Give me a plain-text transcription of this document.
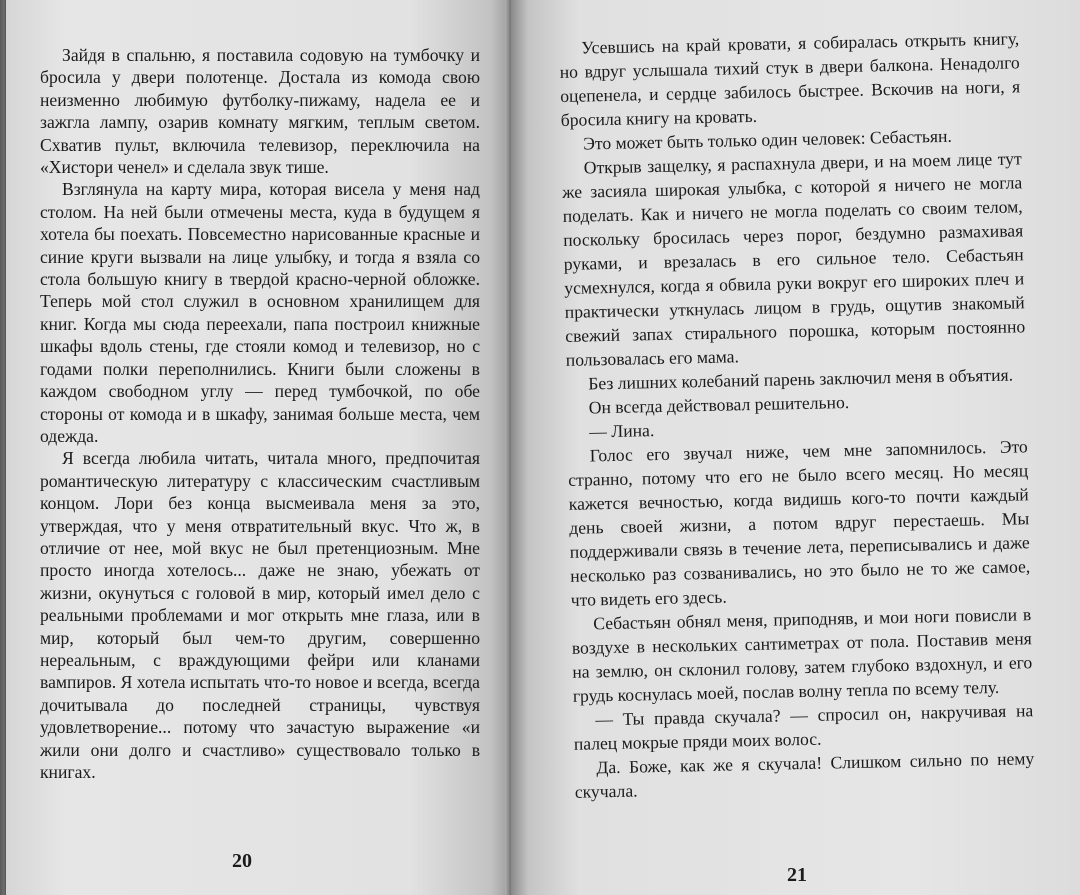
Зайдя в спальню, я поставила содовую на тумбочку и бросила у двери полотенце. Достала из комода свою неизменно любимую футболку-пижаму, надела ее и зажгла лампу, озарив комнату мягким, теплым светом. Схватив пульт, включила телевизор, переключила на «Хистори ченел» и сделала звук тише.

Взглянула на карту мира, которая висела у меня над столом. На ней были отмечены места, куда в будущем я хотела бы поехать. Повсеместно нарисованные красные и синие круги вызвали на лице улыбку, и тогда я взяла со стола большую книгу в твердой красно-черной обложке. Теперь мой стол служил в основном хранилищем для книг. Когда мы сюда переехали, папа построил книжные шкафы вдоль стены, где стояли комод и телевизор, но с годами полки переполнились. Книги были сложены в каждом свободном углу — перед тумбочкой, по обе стороны от комода и в шкафу, занимая больше места, чем одежда.

Я всегда любила читать, читала много, предпочитая романтическую литературу с классическим счастливым концом. Лори без конца высмеивала меня за это, утверждая, что у меня отвратительный вкус. Что ж, в отличие от нее, мой вкус не был претенциозным. Мне просто иногда хотелось... даже не знаю, убежать от жизни, окунуться с головой в мир, который имел дело с реальными проблемами и мог открыть мне глаза, или в мир, который был чем-то другим, совершенно нереальным, с враждующими фейри или кланами вампиров. Я хотела испытать что-то новое и всегда, всегда дочитывала до последней страницы, чувствуя удовлетворение... потому что зачастую выражение «и жили они долго и счастливо» существовало только в книгах.

20

Усевшись на край кровати, я собиралась открыть книгу, но вдруг услышала тихий стук в двери балкона. Ненадолго оцепенела, и сердце забилось быстрее. Вскочив на ноги, я бросила книгу на кровать.

Это может быть только один человек: Себастьян.

Открыв защелку, я распахнула двери, и на моем лице тут же засияла широкая улыбка, с которой я ничего не могла поделать. Как и ничего не могла поделать со своим телом, поскольку бросилась через порог, бездумно размахивая руками, и врезалась в его сильное тело. Себастьян усмехнулся, когда я обвила руки вокруг его широких плеч и практически уткнулась лицом в грудь, ощутив знакомый свежий запах стирального порошка, которым постоянно пользовалась его мама.

Без лишних колебаний парень заключил меня в объятия.

Он всегда действовал решительно.

— Лина.

Голос его звучал ниже, чем мне запомнилось. Это странно, потому что его не было всего месяц. Но месяц кажется вечностью, когда видишь кого-то почти каждый день своей жизни, а потом вдруг перестаешь. Мы поддерживали связь в течение лета, переписывались и даже несколько раз созванивались, но это было не то же самое, что видеть его здесь.

Себастьян обнял меня, приподняв, и мои ноги повисли в воздухе в нескольких сантиметрах от пола. Поставив меня на землю, он склонил голову, затем глубоко вздохнул, и его грудь коснулась моей, послав волну тепла по всему телу.

— Ты правда скучала? — спросил он, накручивая на палец мокрые пряди моих волос.

Да. Боже, как же я скучала! Слишком сильно по нему скучала.

21
